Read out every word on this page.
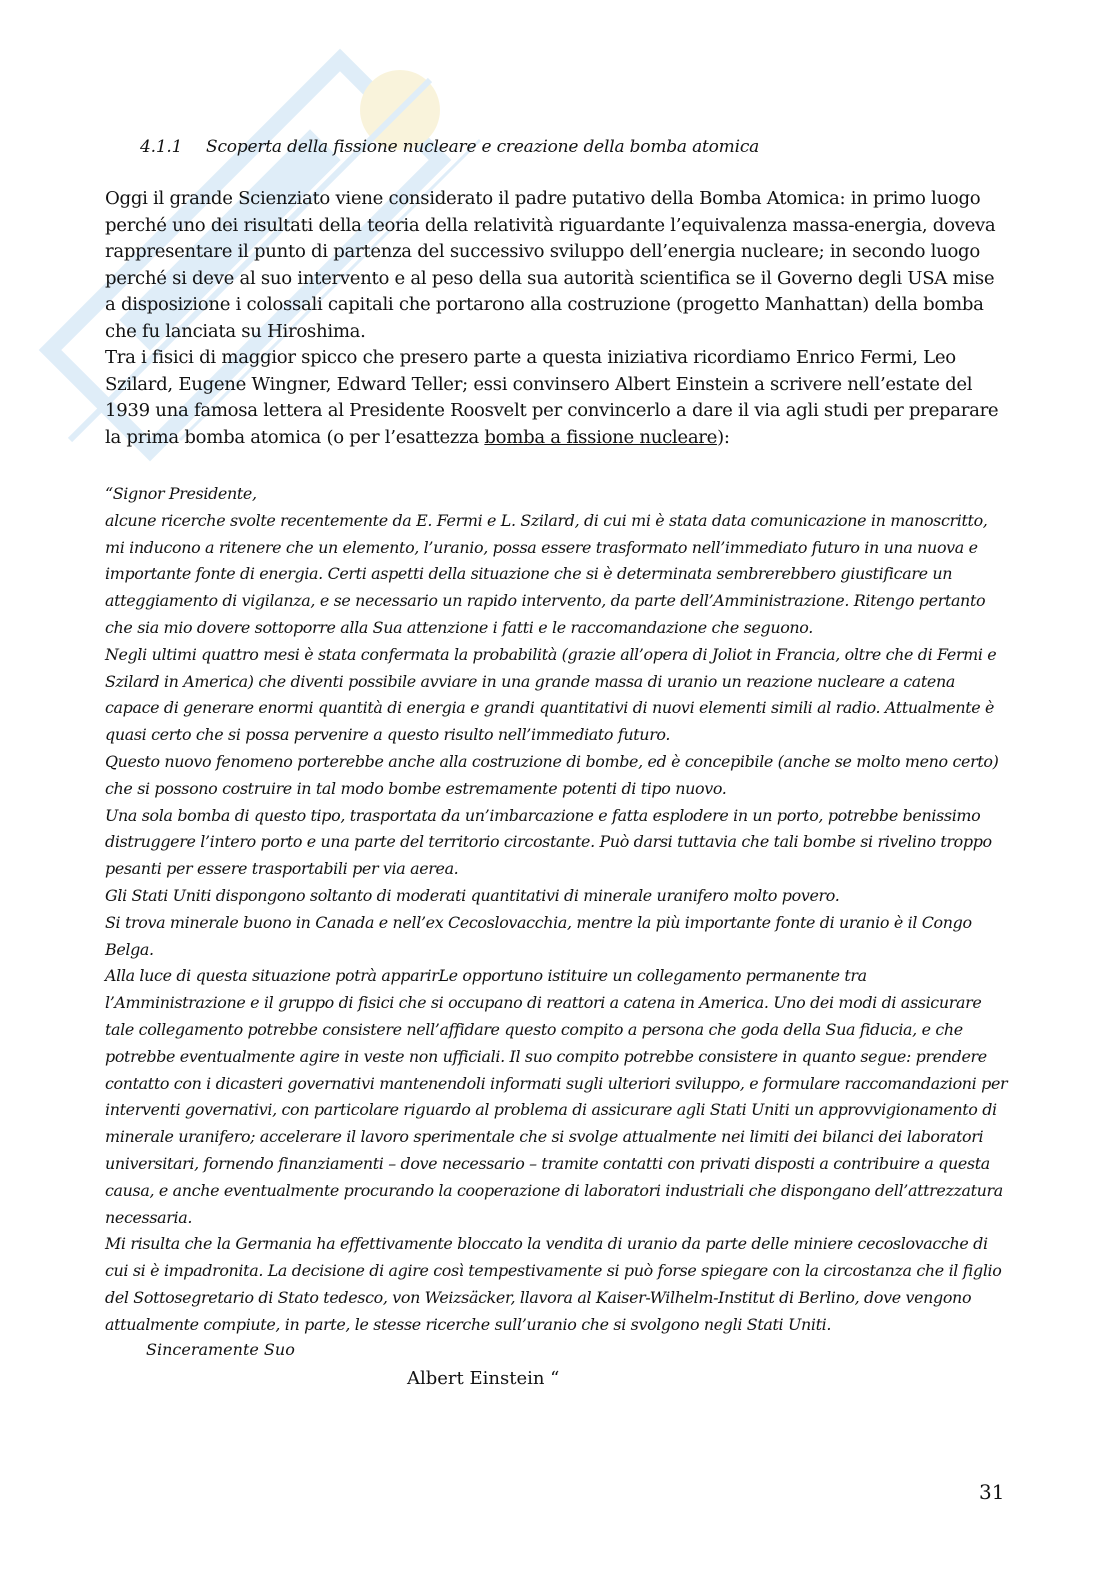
4.1.1 Scoperta della fissione nucleare e creazione della bomba atomica

Oggi il grande Scienziato viene considerato il padre putativo della Bomba Atomica: in primo luogo perché uno dei risultati della teoria della relatività riguardante l’equivalenza massa-energia, doveva rappresentare il punto di partenza del successivo sviluppo dell’energia nucleare; in secondo luogo perché si deve al suo intervento e al peso della sua autorità scientifica se il Governo degli USA mise a disposizione i colossali capitali che portarono alla costruzione (progetto Manhattan) della bomba che fu lanciata su Hiroshima.

Tra i fisici di maggior spicco che presero parte a questa iniziativa ricordiamo Enrico Fermi, Leo Szilard, Eugene Wingner, Edward Teller; essi convinsero Albert Einstein a scrivere nell’estate del 1939 una famosa lettera al Presidente Roosvelt per convincerlo a dare il via agli studi per preparare la prima bomba atomica (o per l’esattezza bomba a fissione nucleare):

“Signor Presidente,

alcune ricerche svolte recentemente da E. Fermi e L. Szilard, di cui mi è stata data comunicazione in manoscritto, mi inducono a ritenere che un elemento, l’uranio, possa essere trasformato nell’immediato futuro in una nuova e importante fonte di energia. Certi aspetti della situazione che si è determinata sembrerebbero giustificare un atteggiamento di vigilanza, e se necessario un rapido intervento, da parte dell’Amministrazione. Ritengo pertanto che sia mio dovere sottoporre alla Sua attenzione i fatti e le raccomandazione che seguono.

Negli ultimi quattro mesi è stata confermata la probabilità (grazie all’opera di Joliot in Francia, oltre che di Fermi e Szilard in America) che diventi possibile avviare in una grande massa di uranio un reazione nucleare a catena capace di generare enormi quantità di energia e grandi quantitativi di nuovi elementi simili al radio. Attualmente è quasi certo che si possa pervenire a questo risulto nell’immediato futuro.

Questo nuovo fenomeno porterebbe anche alla costruzione di bombe, ed è concepibile (anche se molto meno certo) che si possono costruire in tal modo bombe estremamente potenti di tipo nuovo.

Una sola bomba di questo tipo, trasportata da un’imbarcazione e fatta esplodere in un porto, potrebbe benissimo distruggere l’intero porto e una parte del territorio circostante. Può darsi tuttavia che tali bombe si rivelino troppo pesanti per essere trasportabili per via aerea.

Gli Stati Uniti dispongono soltanto di moderati quantitativi di minerale uranifero molto povero.

Si trova minerale buono in Canada e nell’ex Cecoslovacchia, mentre la più importante fonte di uranio è il Congo Belga.

Alla luce di questa situazione potrà apparirLe opportuno istituire un collegamento permanente tra l’Amministrazione e il gruppo di fisici che si occupano di reattori a catena in America. Uno dei modi di assicurare tale collegamento potrebbe consistere nell’affidare questo compito a persona che goda della Sua fiducia, e che potrebbe eventualmente agire in veste non ufficiali. Il suo compito potrebbe consistere in quanto segue: prendere contatto con i dicasteri governativi mantenendoli informati sugli ulteriori sviluppo, e formulare raccomandazioni per interventi governativi, con particolare riguardo al problema di assicurare agli Stati Uniti un approvvigionamento di minerale uranifero; accelerare il lavoro sperimentale che si svolge attualmente nei limiti dei bilanci dei laboratori universitari, fornendo finanziamenti – dove necessario – tramite contatti con privati disposti a contribuire a questa causa, e anche eventualmente procurando la cooperazione di laboratori industriali che dispongano dell’attrezzatura necessaria.

Mi risulta che la Germania ha effettivamente bloccato la vendita di uranio da parte delle miniere cecoslovacche di cui si è impadronita. La decisione di agire così tempestivamente si può forse spiegare con la circostanza che il figlio del Sottosegretario di Stato tedesco, von Weizsäcker, llavora al Kaiser-Wilhelm-Institut di Berlino, dove vengono attualmente compiute, in parte, le stesse ricerche sull’uranio che si svolgono negli Stati Uniti.

Sinceramente Suo
Albert Einstein “
31
